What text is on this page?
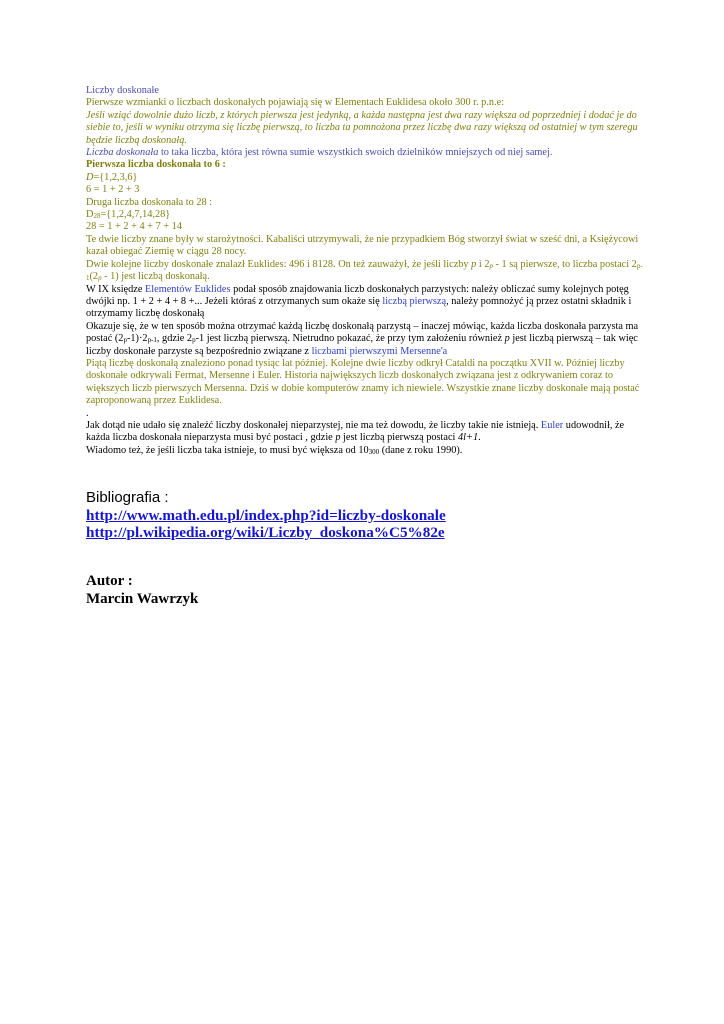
Liczby doskonałe

Pierwsze wzmianki o liczbach doskonałych pojawiają się w Elementach Euklidesa około 300 r. p.n.e:

Jeśli wziąć dowolnie dużo liczb, z których pierwsza jest jedynką, a każda następna jest dwa razy większa od poprzedniej i dodać je do siebie to, jeśli w wyniku otrzyma się liczbę pierwszą, to liczba ta pomnożona przez liczbę dwa razy większą od ostatniej w tym szeregu będzie liczbą doskonałą.

Liczba doskonała to taka liczba, która jest równa sumie wszystkich swoich dzielników mniejszych od niej samej.

Pierwsza liczba doskonała to 6 :

D={1,2,3,6}

6 = 1 + 2 + 3

Druga liczba doskonała to 28 :

D28={1,2,4,7,14,28}

28 = 1 + 2 + 4 + 7 + 14

Te dwie liczby znane były w starożytności. Kabaliści utrzymywali, że nie przypadkiem Bóg stworzył świat w sześć dni, a Księżycowi kazał obiegać Ziemię w ciągu 28 nocy.

Dwie kolejne liczby doskonałe znalazł Euklides: 496 i 8128. On też zauważył, że jeśli liczby p i 2p - 1 są pierwsze, to liczba postaci 2p-1(2p - 1) jest liczbą doskonałą.

W IX księdze Elementów Euklides podał sposób znajdowania liczb doskonałych parzystych: należy obliczać sumy kolejnych potęg dwójki np. 1 + 2 + 4 + 8 +... Jeżeli któraś z otrzymanych sum okaże się liczbą pierwszą, należy pomnożyć ją przez ostatni składnik i otrzymamy liczbę doskonałą

Okazuje się, że w ten sposób można otrzymać każdą liczbę doskonałą parzystą – inaczej mówiąc, każda liczba doskonała parzysta ma postać (2p-1)·2p-1, gdzie 2p-1 jest liczbą pierwszą. Nietrudno pokazać, że przy tym założeniu również p jest liczbą pierwszą – tak więc liczby doskonałe parzyste są bezpośrednio związane z liczbami pierwszymi Mersenne'a

Piątą liczbę doskonałą znaleziono ponad tysiąc lat później. Kolejne dwie liczby odkrył Cataldi na początku XVII w. Później liczby doskonałe odkrywali Fermat, Mersenne i Euler. Historia największych liczb doskonałych związana jest z odkrywaniem coraz to większych liczb pierwszych Mersenna. Dziś w dobie komputerów znamy ich niewiele. Wszystkie znane liczby doskonałe mają postać zaproponowaną przez Euklidesa.

.

Jak dotąd nie udało się znaleźć liczby doskonałej nieparzystej, nie ma też dowodu, że liczby takie nie istnieją. Euler udowodnił, że każda liczba doskonała nieparzysta musi być postaci , gdzie p jest liczbą pierwszą postaci 4l+1.

Wiadomo też, że jeśli liczba taka istnieje, to musi być większa od 10300 (dane z roku 1990).

Bibliografia :

http://www.math.edu.pl/index.php?id=liczby-doskonale
http://pl.wikipedia.org/wiki/Liczby_doskona%C5%82e

Autor :

Marcin Wawrzyk
